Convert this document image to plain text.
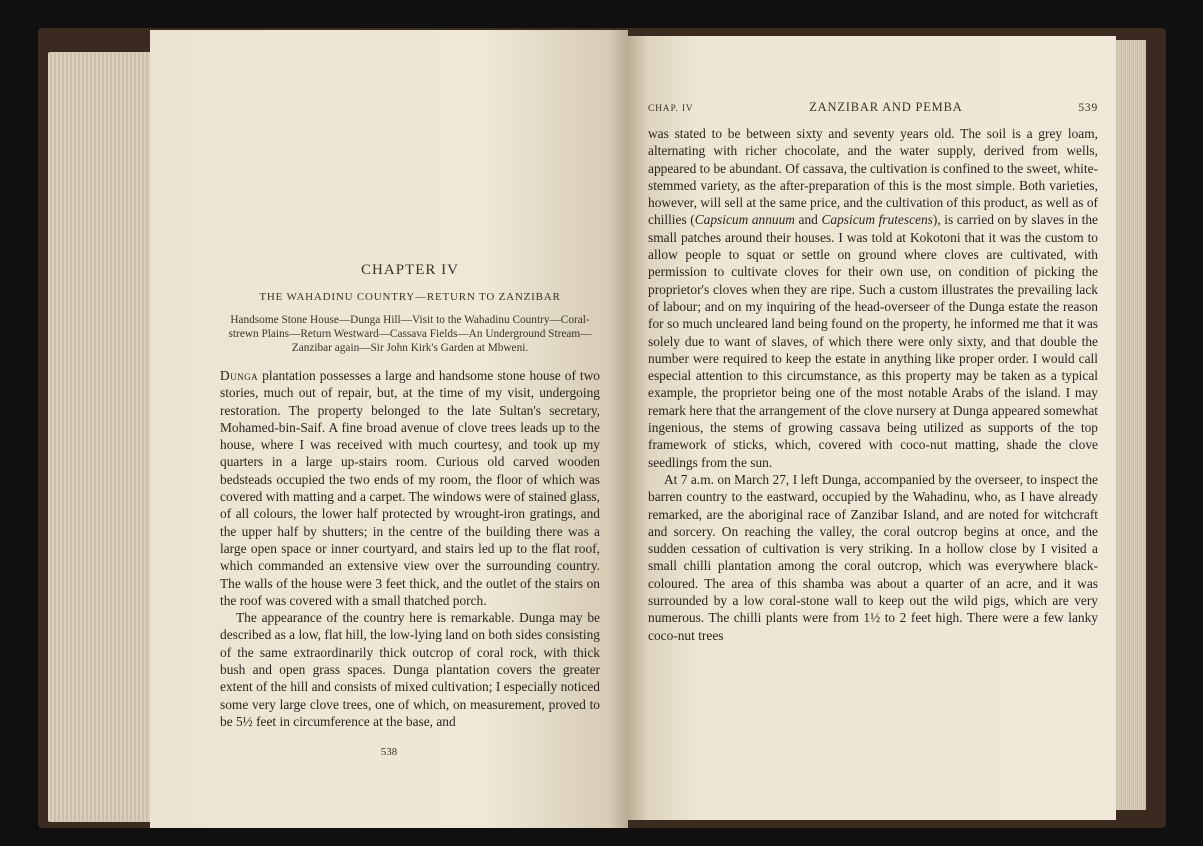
CHAPTER IV
THE WAHADINU COUNTRY—RETURN TO ZANZIBAR
Handsome Stone House—Dunga Hill—Visit to the Wahadinu Country—Coral-strewn Plains—Return Westward—Cassava Fields—An Underground Stream—Zanzibar again—Sir John Kirk's Garden at Mbweni.

Dunga plantation possesses a large and handsome stone house of two stories, much out of repair, but, at the time of my visit, undergoing restoration. The property belonged to the late Sultan's secretary, Mohamed-bin-Saif. A fine broad avenue of clove trees leads up to the house, where I was received with much courtesy, and took up my quarters in a large up-stairs room. Curious old carved wooden bedsteads occupied the two ends of my room, the floor of which was covered with matting and a carpet. The windows were of stained glass, of all colours, the lower half protected by wrought-iron gratings, and the upper half by shutters; in the centre of the building there was a large open space or inner courtyard, and stairs led up to the flat roof, which commanded an extensive view over the surrounding country. The walls of the house were 3 feet thick, and the outlet of the stairs on the roof was covered with a small thatched porch.

The appearance of the country here is remarkable. Dunga may be described as a low, flat hill, the low-lying land on both sides consisting of the same extraordinarily thick outcrop of coral rock, with thick bush and open grass spaces. Dunga plantation covers the greater extent of the hill and consists of mixed cultivation; I especially noticed some very large clove trees, one of which, on measurement, proved to be 5½ feet in circumference at the base, and

538
CHAP. IV	ZANZIBAR AND PEMBA	539

was stated to be between sixty and seventy years old. The soil is a grey loam, alternating with richer chocolate, and the water supply, derived from wells, appeared to be abundant. Of cassava, the cultivation is confined to the sweet, white-stemmed variety, as the after-preparation of this is the most simple. Both varieties, however, will sell at the same price, and the cultivation of this product, as well as of chillies (Capsicum annuum and Capsicum frutescens), is carried on by slaves in the small patches around their houses. I was told at Kokotoni that it was the custom to allow people to squat or settle on ground where cloves are cultivated, with permission to cultivate cloves for their own use, on condition of picking the proprietor's cloves when they are ripe. Such a custom illustrates the prevailing lack of labour; and on my inquiring of the head-overseer of the Dunga estate the reason for so much uncleared land being found on the property, he informed me that it was solely due to want of slaves, of which there were only sixty, and that double the number were required to keep the estate in anything like proper order. I would call especial attention to this circumstance, as this property may be taken as a typical example, the proprietor being one of the most notable Arabs of the island. I may remark here that the arrangement of the clove nursery at Dunga appeared somewhat ingenious, the stems of growing cassava being utilized as supports of the top framework of sticks, which, covered with coco-nut matting, shade the clove seedlings from the sun.

At 7 a.m. on March 27, I left Dunga, accompanied by the overseer, to inspect the barren country to the eastward, occupied by the Wahadinu, who, as I have already remarked, are the aboriginal race of Zanzibar Island, and are noted for witchcraft and sorcery. On reaching the valley, the coral outcrop begins at once, and the sudden cessation of cultivation is very striking. In a hollow close by I visited a small chilli plantation among the coral outcrop, which was everywhere black-coloured. The area of this shamba was about a quarter of an acre, and it was surrounded by a low coral-stone wall to keep out the wild pigs, which are very numerous. The chilli plants were from 1½ to 2 feet high. There were a few lanky coco-nut trees
